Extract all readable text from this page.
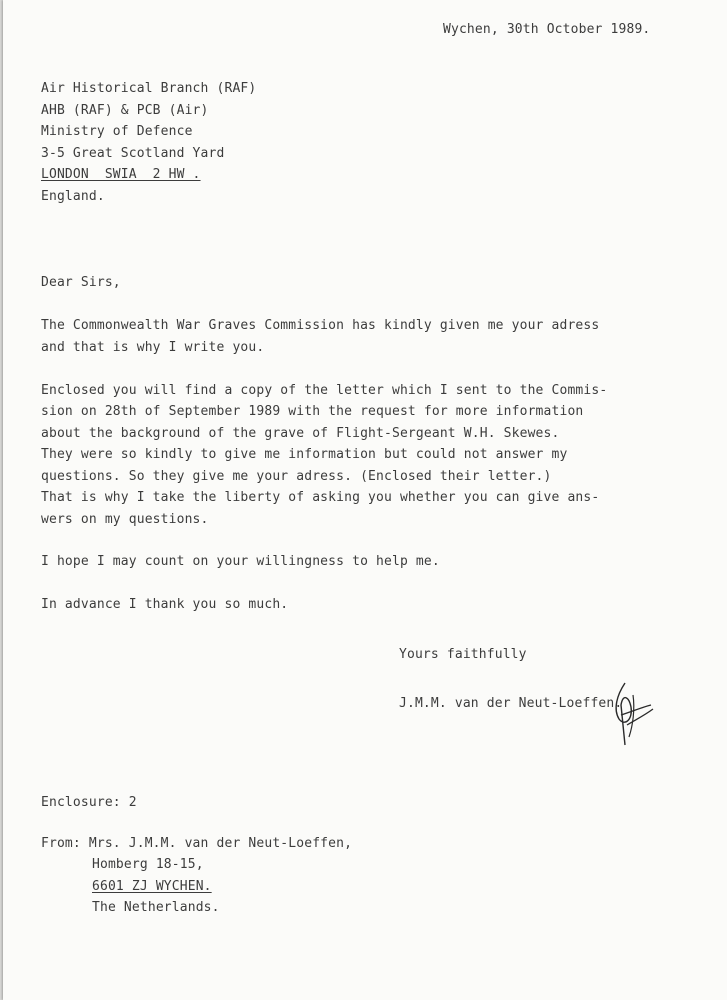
Wychen, 30th October 1989.
Air Historical Branch (RAF)
AHB (RAF) & PCB (Air)
Ministry of Defence
3-5 Great Scotland Yard
LONDON  SWIA  2 HW .
England.
Dear Sirs,
The Commonwealth War Graves Commission has kindly given me your adress
and that is why I write you.
Enclosed you will find a copy of the letter which I sent to the Commis-
sion on 28th of September 1989 with the request for more information
about the background of the grave of Flight-Sergeant W.H. Skewes.
They were so kindly to give me information but could not answer my
questions. So they give me your adress. (Enclosed their letter.)
That is why I take the liberty of asking you whether you can give ans-
wers on my questions.
I hope I may count on your willingness to help me.
In advance I thank you so much.
Yours faithfully
J.M.M. van der Neut-Loeffen.
Enclosure: 2
From: Mrs. J.M.M. van der Neut-Loeffen,
Homberg 18-15,
6601 ZJ WYCHEN.
The Netherlands.
